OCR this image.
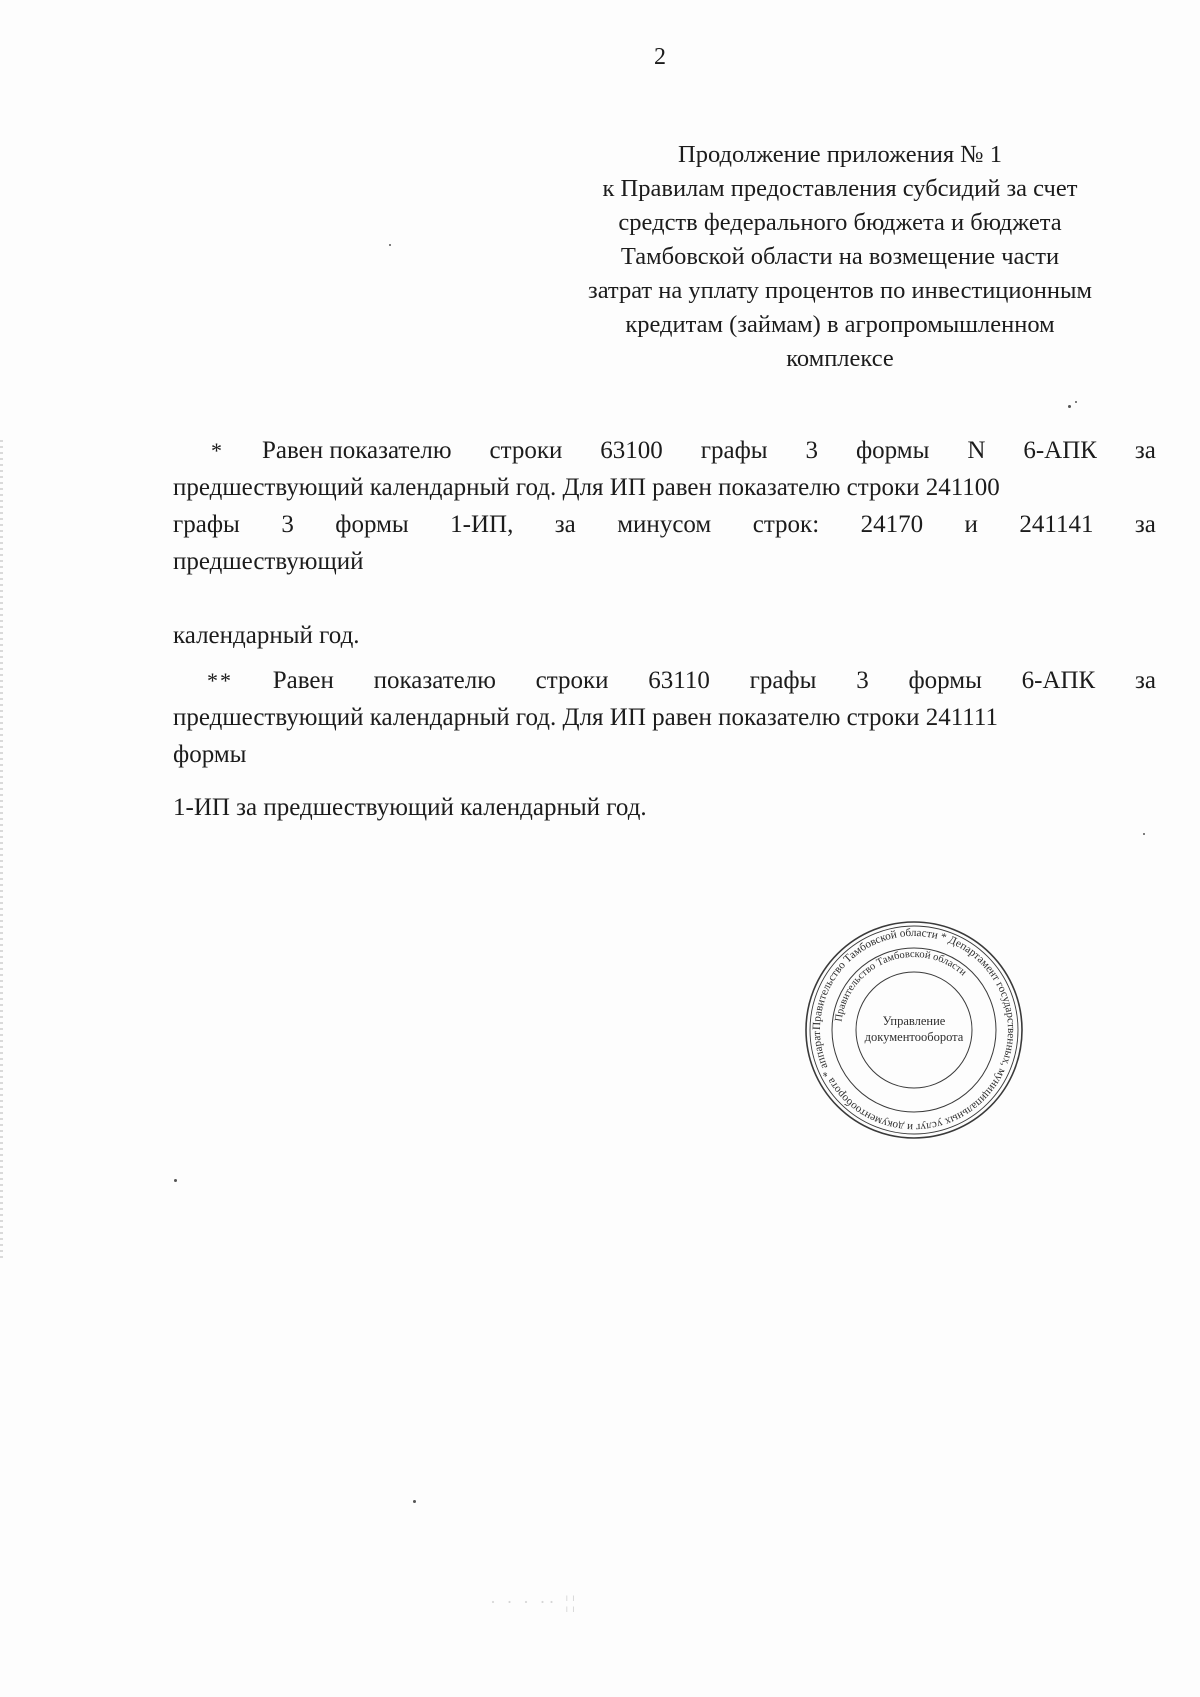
2
Продолжение приложения № 1
к Правилам предоставления субсидий за счет
средств федерального бюджета и бюджета
Тамбовской области на возмещение части
затрат на уплату процентов по инвестиционным
кредитам (займам) в агропромышленном
комплексе
* Равен показателю строки 63100 графы 3 формы N 6-АПК за
предшествующий календарный год. Для ИП равен показателю строки 241100
графы 3 формы 1-ИП, за минусом строк: 24170 и 241141 за
предшествующий
календарный год.
** Равен показателю строки 63110 графы 3 формы 6-АПК за
предшествующий календарный год. Для ИП равен показателю строки 241111
формы
1-ИП за предшествующий календарный год.
Правительство Тамбовской области * Департамент государственных, муниципальных услуг и документооборота * аппарат
Правительство Тамбовской области
Управление
документооборота
· · · ·· ¦¦
